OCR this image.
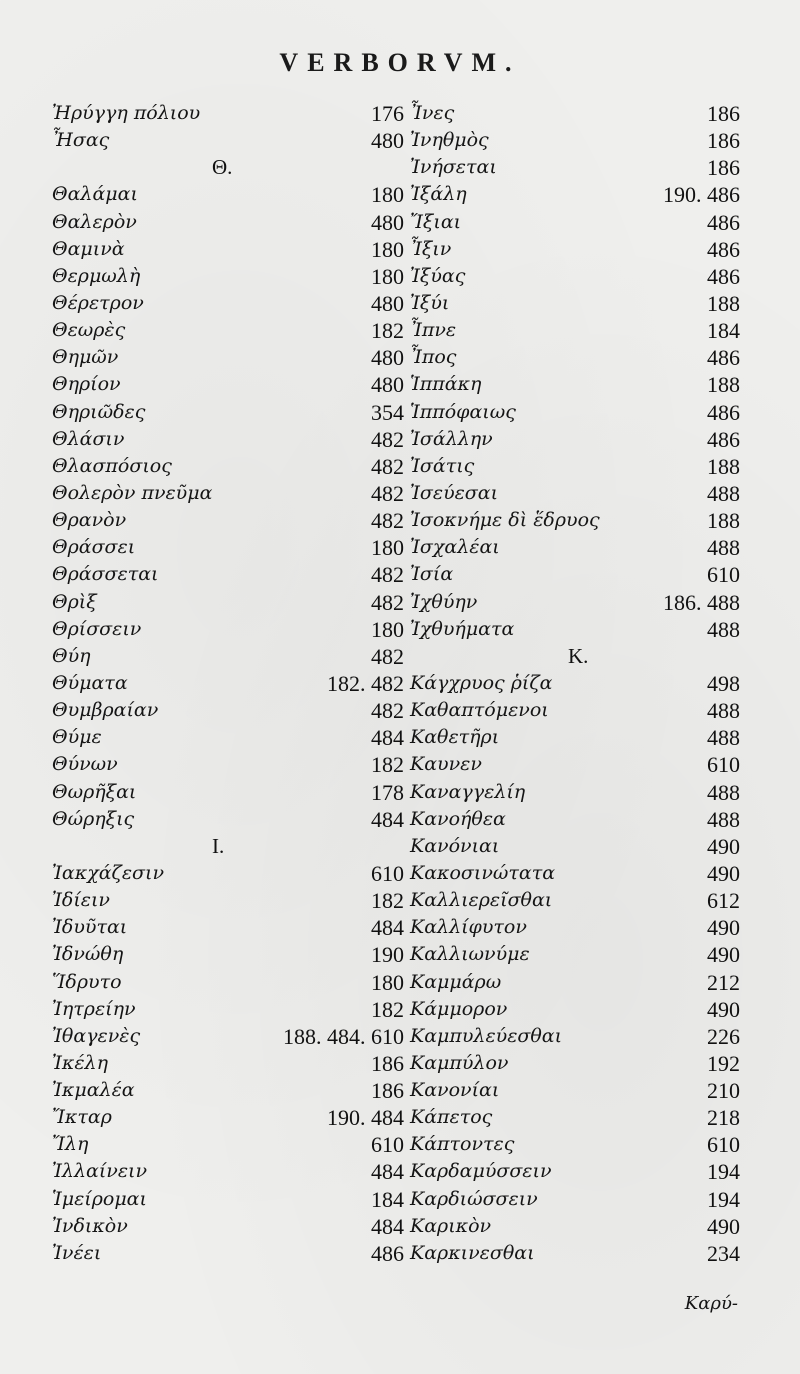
VERBORVM.
Ἠρύγγη πόλιου	176
Ἦσας	480
Θ.
Θαλάμαι	180
Θαλερὸν	480
Θαμινὰ	180
Θερμωλὴ	180
Θέρετρον	480
Θεωρὲς	182
Θημῶν	480
Θηρίον	480
Θηριῶδες	354
Θλάσιν	482
Θλασπόσιος	482
Θολερὸν πνεῦμα	482
Θρανὸν	482
Θράσσει	180
Θράσσεται	482
Θρὶξ	482
Θρίσσειν	180
Θύη	482
Θύματα	182. 482
Θυμβραίαν	482
Θύμε	484
Θύνων	182
Θωρῆξαι	178
Θώρηξις	484
Ι.
Ἰακχάζεσιν	610
Ἰδίειν	182
Ἰδυῦται	484
Ἰδνώθη	190
Ἵδρυτο	180
Ἰητρείην	182
Ἰθαγενὲς	188. 484. 610
Ἰκέλη	186
Ἰκμαλέα	186
Ἴκταρ	190. 484
Ἴλη	610
Ἰλλαίνειν	484
Ἱμείρομαι	184
Ἰνδικὸν	484
Ἰνέει	486
Ἶνες	186
Ἰνηθμὸς	186
Ἰνήσεται	186
Ἰξάλη	190. 486
Ἴξιαι	486
Ἶξιν	486
Ἰξύας	486
Ἰξύι	188
Ἶπνε	184
Ἶπος	486
Ἱππάκη	188
Ἱππόφαιως	486
Ἰσάλλην	486
Ἰσάτις	188
Ἰσεύεσαι	488
Ἰσοκνήμε δὶ ἕδρυος	188
Ἰσχαλέαι	488
Ἰσία	610
Ἰχθύην	186. 488
Ἰχθυήματα	488
Κ.
Κάγχρυος ῥίζα	498
Καθαπτόμενοι	488
Καθετῆρι	488
Καυνεν	610
Καναγγελίη	488
Κανοήθεα	488
Κανόνιαι	490
Κακοσινώτατα	490
Καλλιερεῖσθαι	612
Καλλίφυτον	490
Καλλιωνύμε	490
Καμμάρω	212
Κάμμορον	490
Καμπυλεύεσθαι	226
Καμπύλον	192
Κανονίαι	210
Κάπετος	218
Κάπτοντες	610
Καρδαμύσσειν	194
Καρδιώσσειν	194
Καρικὸν	490
Καρκινεσθαι	234
Καρύ-
